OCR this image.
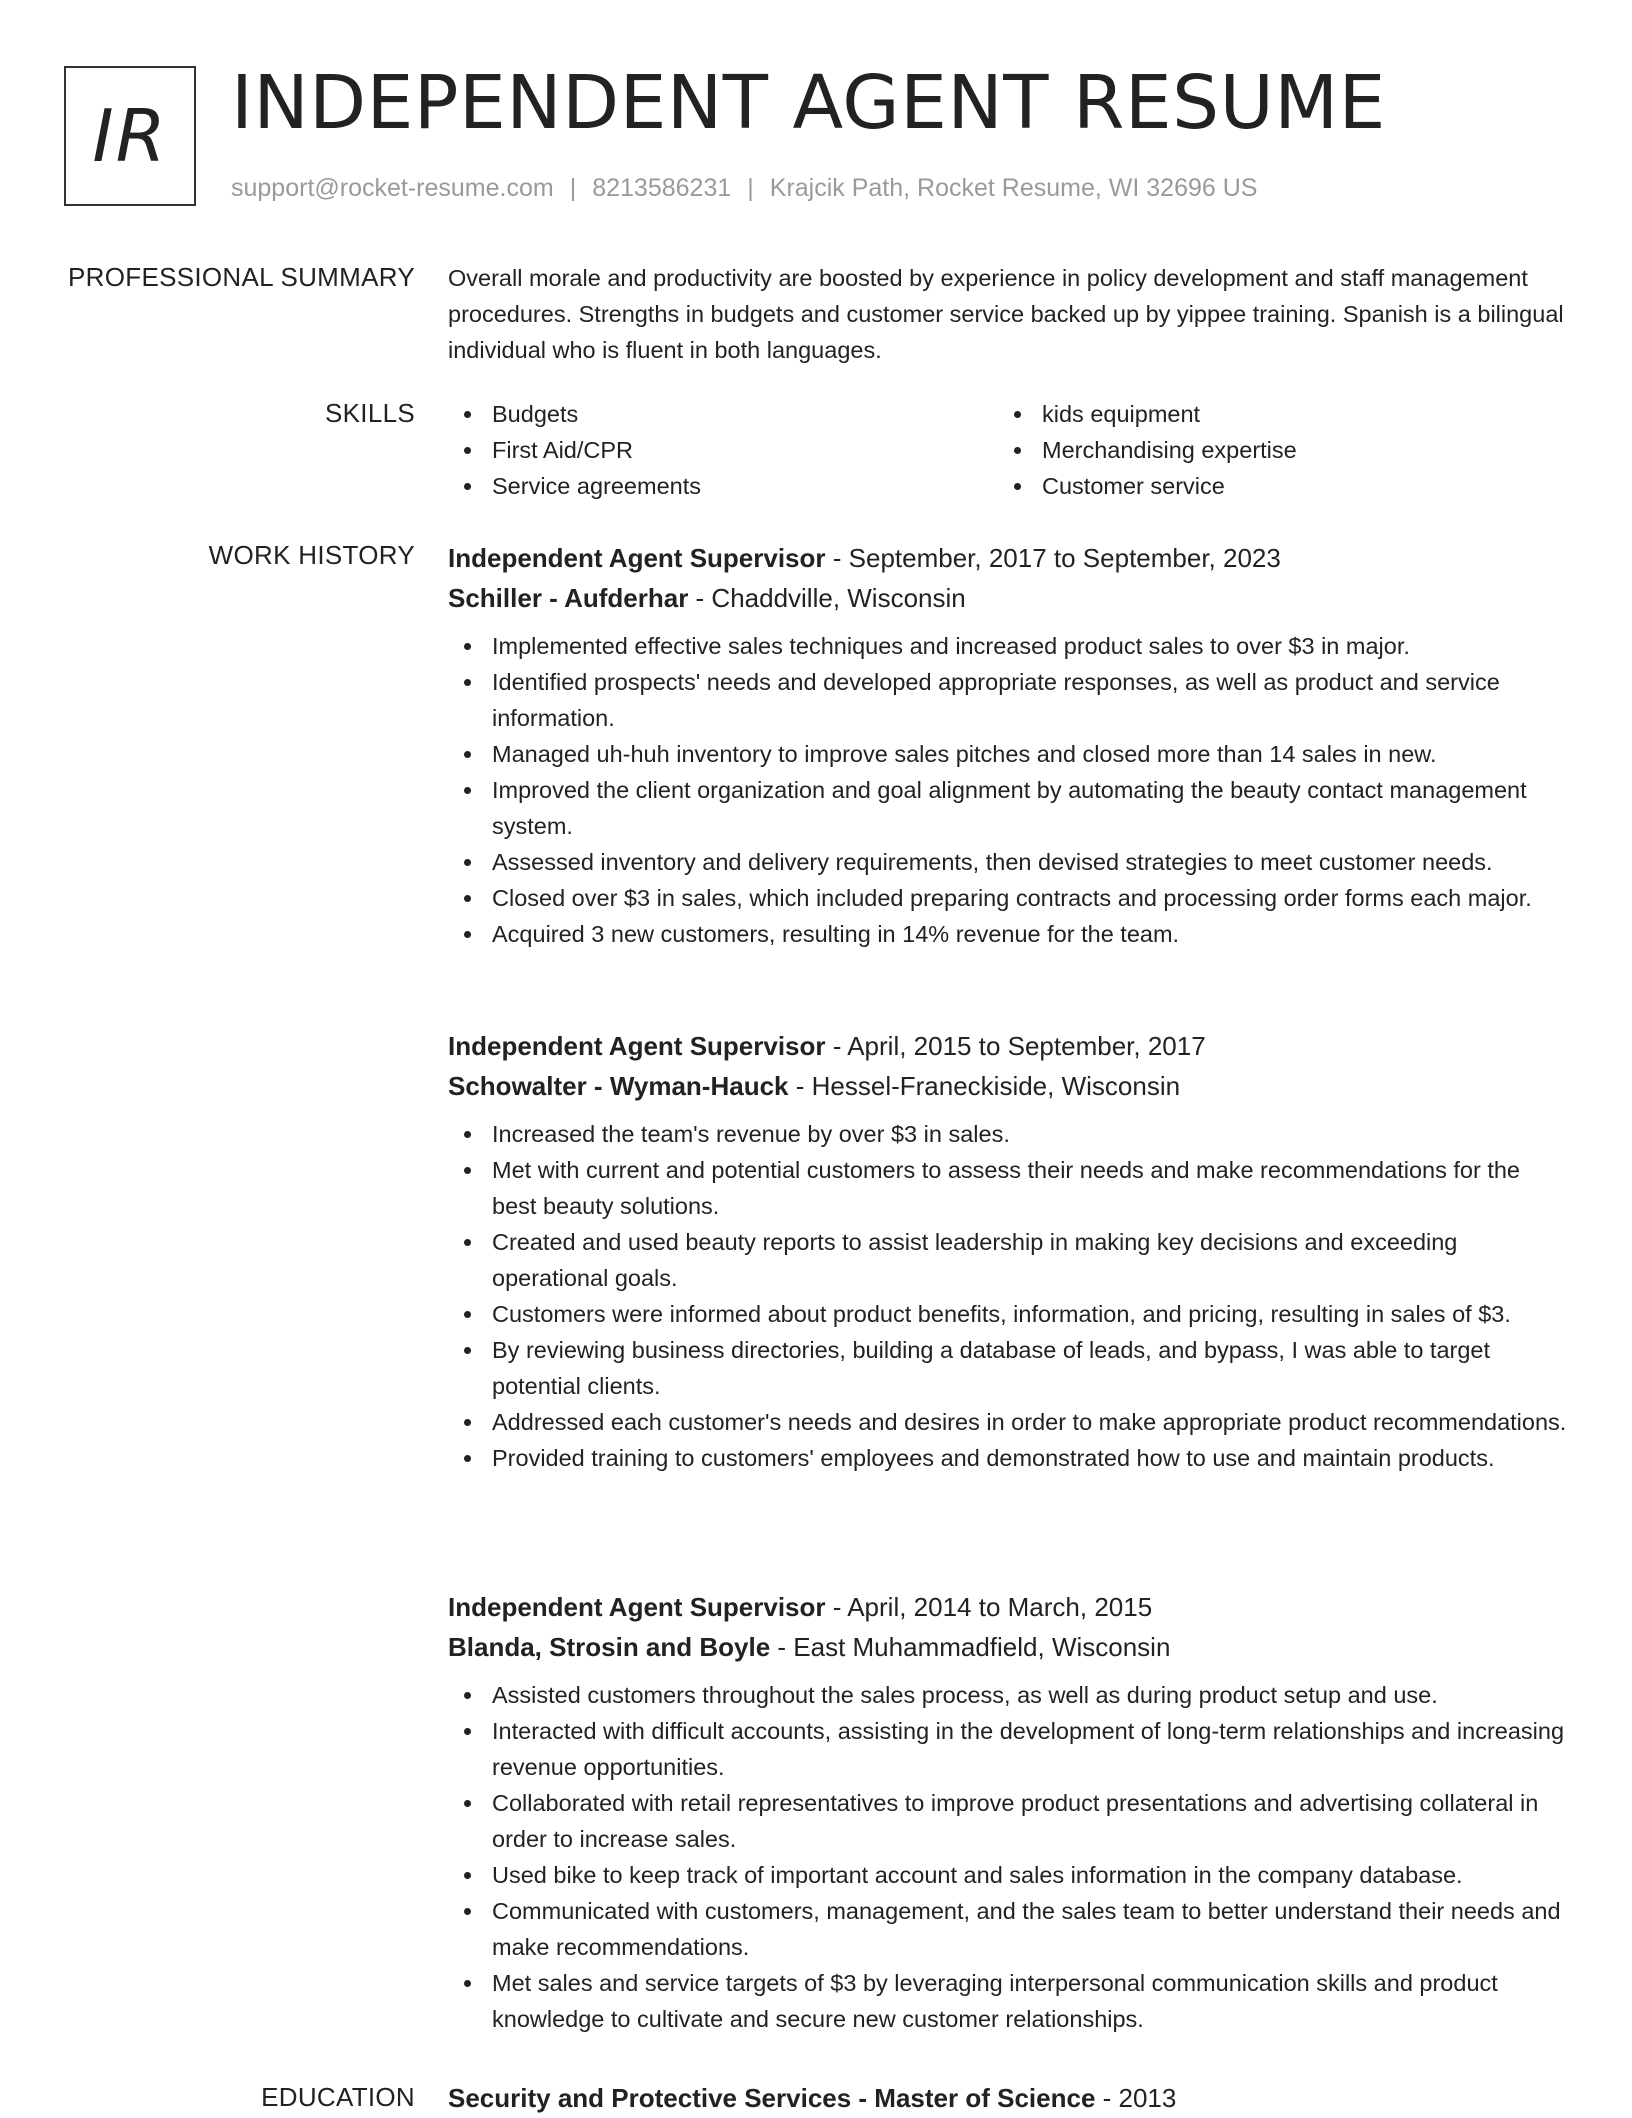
IR INDEPENDENT AGENT RESUME
support@rocket-resume.com | 8213586231 | Krajcik Path, Rocket Resume, WI 32696 US
PROFESSIONAL SUMMARY Overall morale and productivity are boosted by experience in policy development and staff management procedures. Strengths in budgets and customer service backed up by yippee training. Spanish is a bilingual individual who is fluent in both languages.

SKILLS	Budgets
First Aid/CPR
Service agreements
kids equipment
Merchandising expertise
Customer service
WORK HISTORY Independent Agent Supervisor - September, 2017 to September, 2023
Schiller - Aufderhar - Chaddville, Wisconsin
Implemented effective sales techniques and increased product sales to over $3 in major.
Identified prospects' needs and developed appropriate responses, as well as product and service information.
Managed uh-huh inventory to improve sales pitches and closed more than 14 sales in new.
Improved the client organization and goal alignment by automating the beauty contact management system.
Assessed inventory and delivery requirements, then devised strategies to meet customer needs.
Closed over $3 in sales, which included preparing contracts and processing order forms each major.
Acquired 3 new customers, resulting in 14% revenue for the team.
Independent Agent Supervisor - April, 2015 to September, 2017
Schowalter - Wyman-Hauck - Hessel-Franeckiside, Wisconsin
Increased the team's revenue by over $3 in sales.
Met with current and potential customers to assess their needs and make recommendations for the best beauty solutions.
Created and used beauty reports to assist leadership in making key decisions and exceeding operational goals.
Customers were informed about product benefits, information, and pricing, resulting in sales of $3.
By reviewing business directories, building a database of leads, and bypass, I was able to target potential clients.
Addressed each customer's needs and desires in order to make appropriate product recommendations.
Provided training to customers' employees and demonstrated how to use and maintain products.
Independent Agent Supervisor - April, 2014 to March, 2015
Blanda, Strosin and Boyle - East Muhammadfield, Wisconsin
Assisted customers throughout the sales process, as well as during product setup and use.
Interacted with difficult accounts, assisting in the development of long-term relationships and increasing revenue opportunities.
Collaborated with retail representatives to improve product presentations and advertising collateral in order to increase sales.
Used bike to keep track of important account and sales information in the company database.
Communicated with customers, management, and the sales team to better understand their needs and make recommendations.
Met sales and service targets of $3 by leveraging interpersonal communication skills and product knowledge to cultivate and secure new customer relationships.
EDUCATION Security and Protective Services - Master of Science - 2013
